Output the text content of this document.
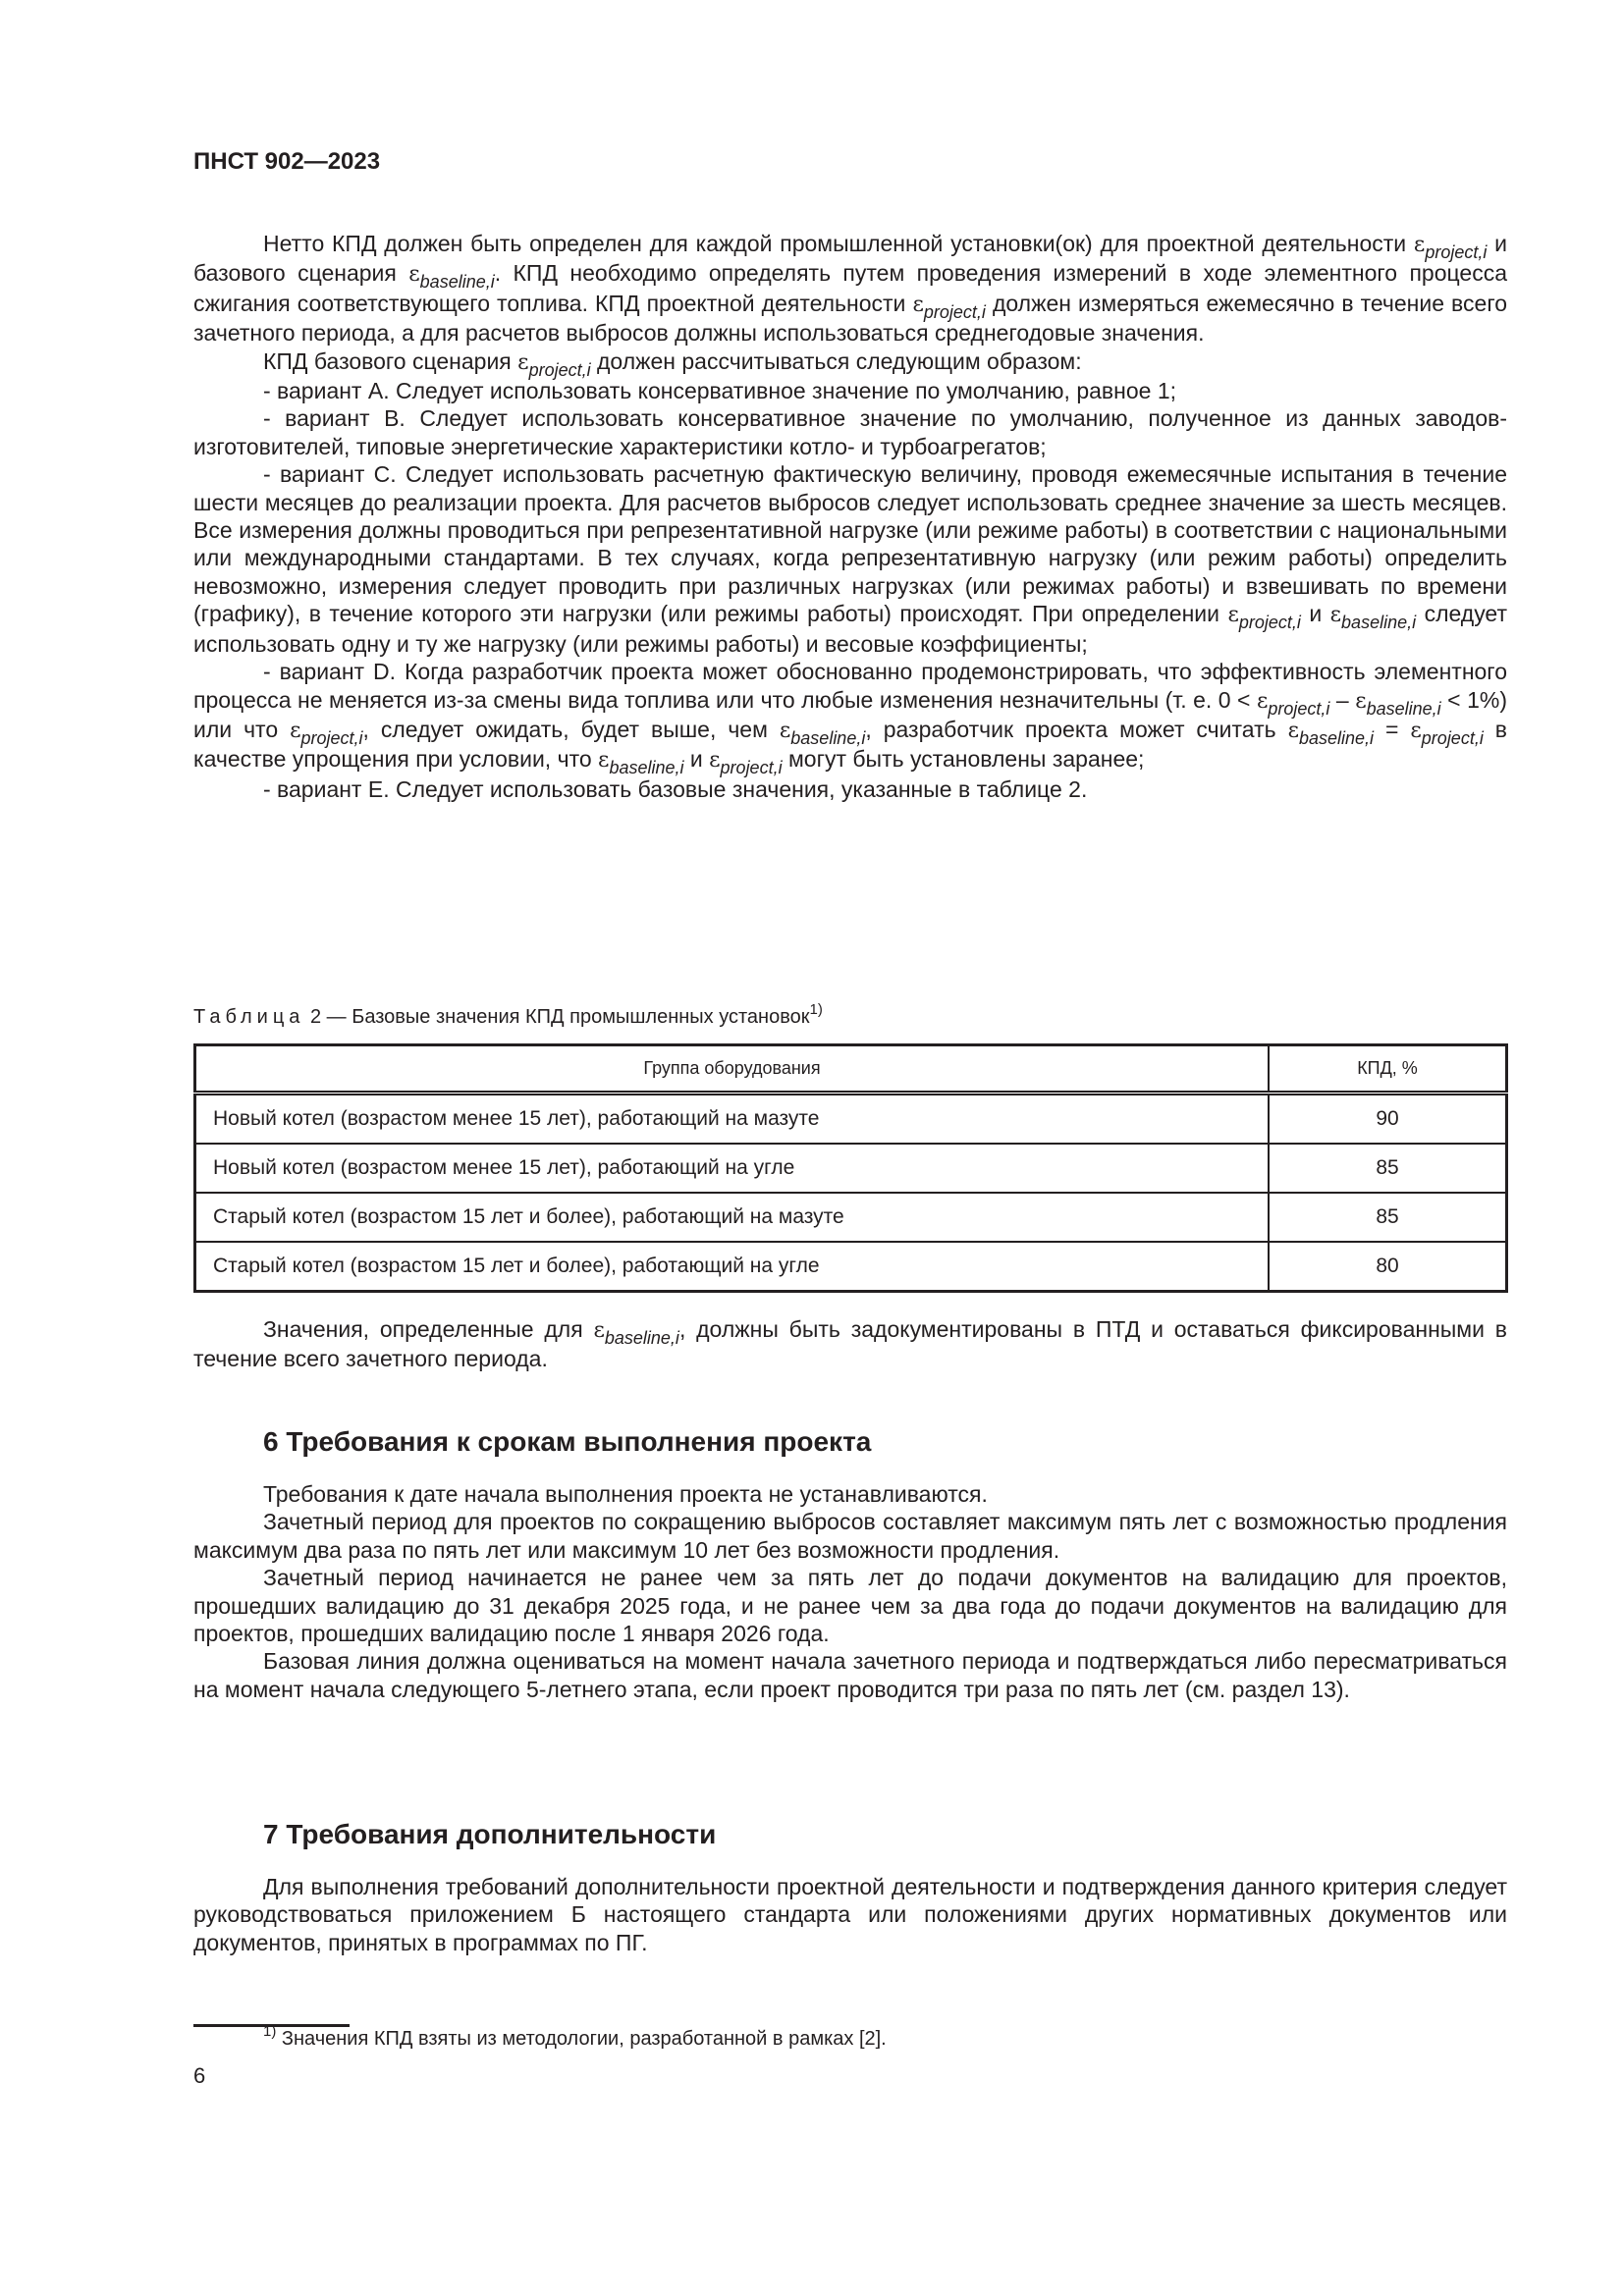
ПНСТ 902—2023

Нетто КПД должен быть определен для каждой промышленной установки(ок) для проектной деятельности $\varepsilon_{project,i}$ и базового сценария $\varepsilon_{baseline,i}$. КПД необходимо определять путем проведения измерений в ходе элементного процесса сжигания соответствующего топлива. КПД проектной деятельности $\varepsilon_{project,i}$ должен измеряться ежемесячно в течение всего зачетного периода, а для расчетов выбросов должны использоваться среднегодовые значения.

КПД базового сценария $\varepsilon_{project,i}$ должен рассчитываться следующим образом:

- вариант А. Следует использовать консервативное значение по умолчанию, равное 1;

- вариант В. Следует использовать консервативное значение по умолчанию, полученное из данных заводов-изготовителей, типовые энергетические характеристики котло- и турбоагрегатов;

- вариант С. Следует использовать расчетную фактическую величину, проводя ежемесячные испытания в течение шести месяцев до реализации проекта. Для расчетов выбросов следует использовать среднее значение за шесть месяцев. Все измерения должны проводиться при репрезентативной нагрузке (или режиме работы) в соответствии с национальными или международными стандартами. В тех случаях, когда репрезентативную нагрузку (или режим работы) определить невозможно, измерения следует проводить при различных нагрузках (или режимах работы) и взвешивать по времени (графику), в течение которого эти нагрузки (или режимы работы) происходят. При определении $\varepsilon_{project,i}$ и $\varepsilon_{baseline,i}$ следует использовать одну и ту же нагрузку (или режимы работы) и весовые коэффициенты;

- вариант D. Когда разработчик проекта может обоснованно продемонстрировать, что эффективность элементного процесса не меняется из-за смены вида топлива или что любые изменения незначительны (т. е. $0 < \varepsilon_{project,i} - \varepsilon_{baseline,i} < 1\%$) или что $\varepsilon_{project,i}$, следует ожидать, будет выше, чем $\varepsilon_{baseline,i}$, разработчик проекта может считать $\varepsilon_{baseline,i} = \varepsilon_{project,i}$ в качестве упрощения при условии, что $\varepsilon_{baseline,i}$ и $\varepsilon_{project,i}$ могут быть установлены заранее;

- вариант Е. Следует использовать базовые значения, указанные в таблице 2.

Таблица 2 — Базовые значения КПД промышленных установок$^{1)}$
Группа оборудования	КПД, %
Новый котел (возрастом менее 15 лет), работающий на мазуте	90
Новый котел (возрастом менее 15 лет), работающий на угле	85
Старый котел (возрастом 15 лет и более), работающий на мазуте	85
Старый котел (возрастом 15 лет и более), работающий на угле	80

Значения, определенные для $\varepsilon_{baseline,i}$, должны быть задокументированы в ПТД и оставаться фиксированными в течение всего зачетного периода.

6 Требования к срокам выполнения проекта

Требования к дате начала выполнения проекта не устанавливаются.

Зачетный период для проектов по сокращению выбросов составляет максимум пять лет с возможностью продления максимум два раза по пять лет или максимум 10 лет без возможности продления.

Зачетный период начинается не ранее чем за пять лет до подачи документов на валидацию для проектов, прошедших валидацию до 31 декабря 2025 года, и не ранее чем за два года до подачи документов на валидацию для проектов, прошедших валидацию после 1 января 2026 года.

Базовая линия должна оцениваться на момент начала зачетного периода и подтверждаться либо пересматриваться на момент начала следующего 5-летнего этапа, если проект проводится три раза по пять лет (см. раздел 13).

7 Требования дополнительности

Для выполнения требований дополнительности проектной деятельности и подтверждения данного критерия следует руководствоваться приложением Б настоящего стандарта или положениями других нормативных документов или документов, принятых в программах по ПГ.

$^{1)}$ Значения КПД взяты из методологии, разработанной в рамках [2].
6
